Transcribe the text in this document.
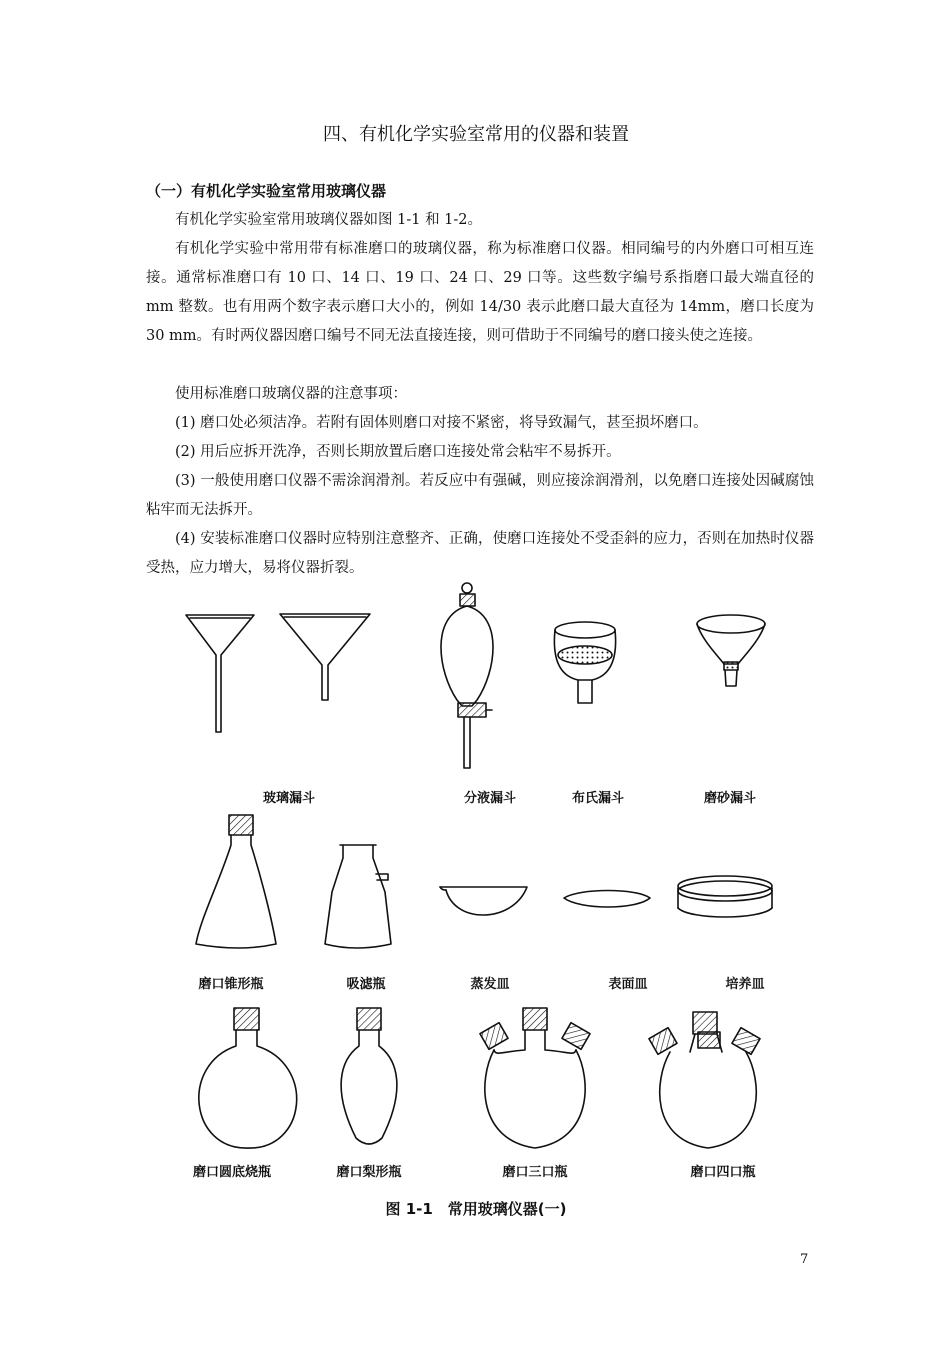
四、有机化学实验室常用的仪器和装置
（一）有机化学实验室常用玻璃仪器
有机化学实验室常用玻璃仪器如图 1-1 和 1-2。
有机化学实验中常用带有标准磨口的玻璃仪器，称为标准磨口仪器。相同编号的内外磨口可相互连接。通常标准磨口有 10 口、14 口、19 口、24 口、29 口等。这些数字编号系指磨口最大端直径的 mm 整数。也有用两个数字表示磨口大小的，例如 14/30 表示此磨口最大直径为 14mm，磨口长度为 30 mm。有时两仪器因磨口编号不同无法直接连接，则可借助于不同编号的磨口接头使之连接。
使用标准磨口玻璃仪器的注意事项：
(1) 磨口处必须洁净。若附有固体则磨口对接不紧密，将导致漏气，甚至损坏磨口。
(2) 用后应拆开洗净，否则长期放置后磨口连接处常会粘牢不易拆开。
(3) 一般使用磨口仪器不需涂润滑剂。若反应中有强碱，则应接涂润滑剂，以免磨口连接处因碱腐蚀粘牢而无法拆开。
(4) 安装标准磨口仪器时应特别注意整齐、正确，使磨口连接处不受歪斜的应力，否则在加热时仪器受热，应力增大，易将仪器折裂。
玻璃漏斗	分液漏斗	布氏漏斗	磨砂漏斗
磨口锥形瓶	吸滤瓶	蒸发皿	表面皿	培养皿
磨口圆底烧瓶	磨口梨形瓶	磨口三口瓶	磨口四口瓶
图 1-1　常用玻璃仪器(一)
7
